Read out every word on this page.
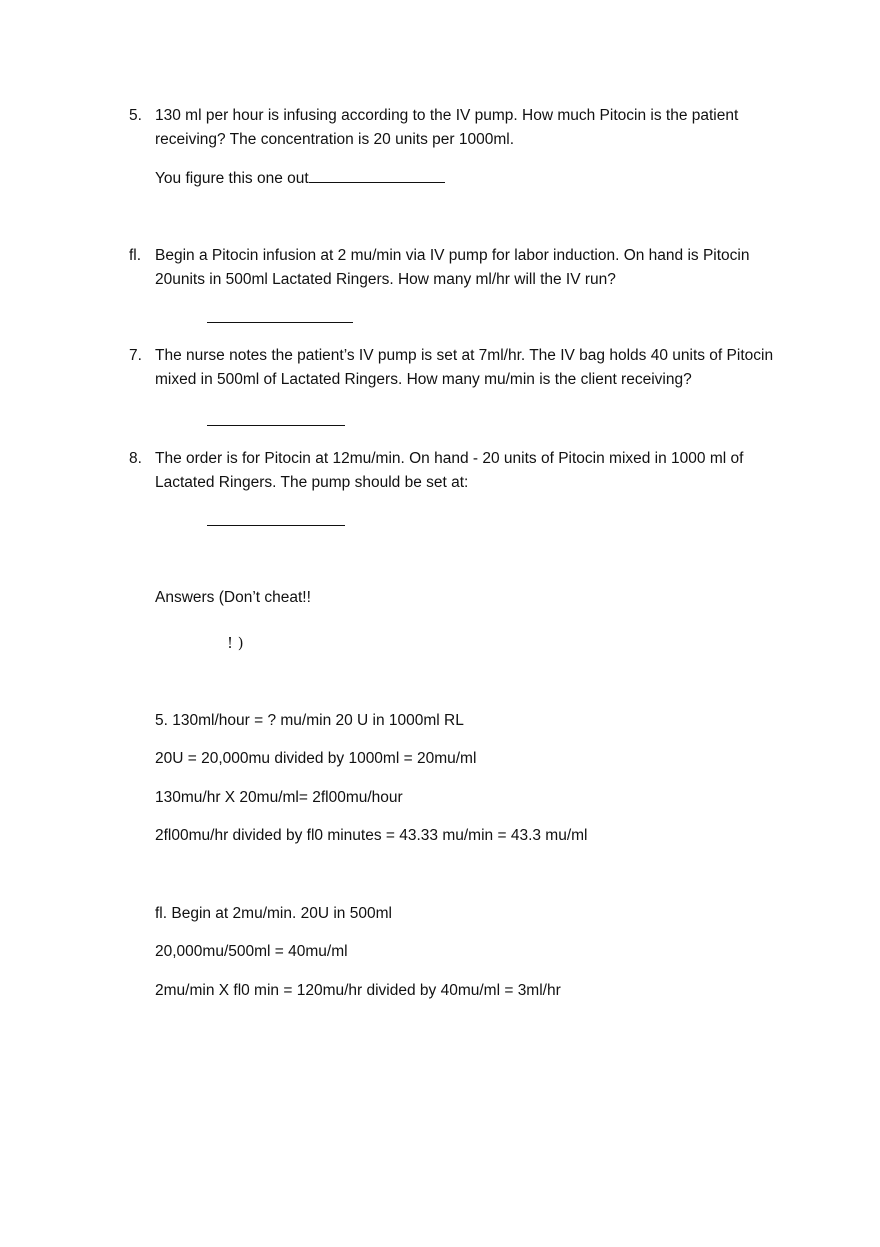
5. 130 ml per hour is infusing according to the IV pump. How much Pitocin is the patient receiving? The concentration is 20 units per 1000ml.
You figure this one out
fl. Begin a Pitocin infusion at 2 mu/min via IV pump for labor induction. On hand is Pitocin 20units in 500ml Lactated Ringers. How many ml/hr will the IV run?
7. The nurse notes the patient’s IV pump is set at 7ml/hr. The IV bag holds 40 units of Pitocin mixed in 500ml of Lactated Ringers. How many mu/min is the client receiving?
8. The order is for Pitocin at 12mu/min. On hand - 20 units of Pitocin mixed in 1000 ml of Lactated Ringers. The pump should be set at:
Answers (Don’t cheat!!
! )
5. 130ml/hour = ? mu/min 20 U in 1000ml RL
20U = 20,000mu divided by 1000ml = 20mu/ml
130mu/hr X 20mu/ml= 2fl00mu/hour
2fl00mu/hr divided by fl0 minutes = 43.33 mu/min = 43.3 mu/ml
fl. Begin at 2mu/min. 20U in 500ml
20,000mu/500ml = 40mu/ml
2mu/min X fl0 min = 120mu/hr divided by 40mu/ml = 3ml/hr
